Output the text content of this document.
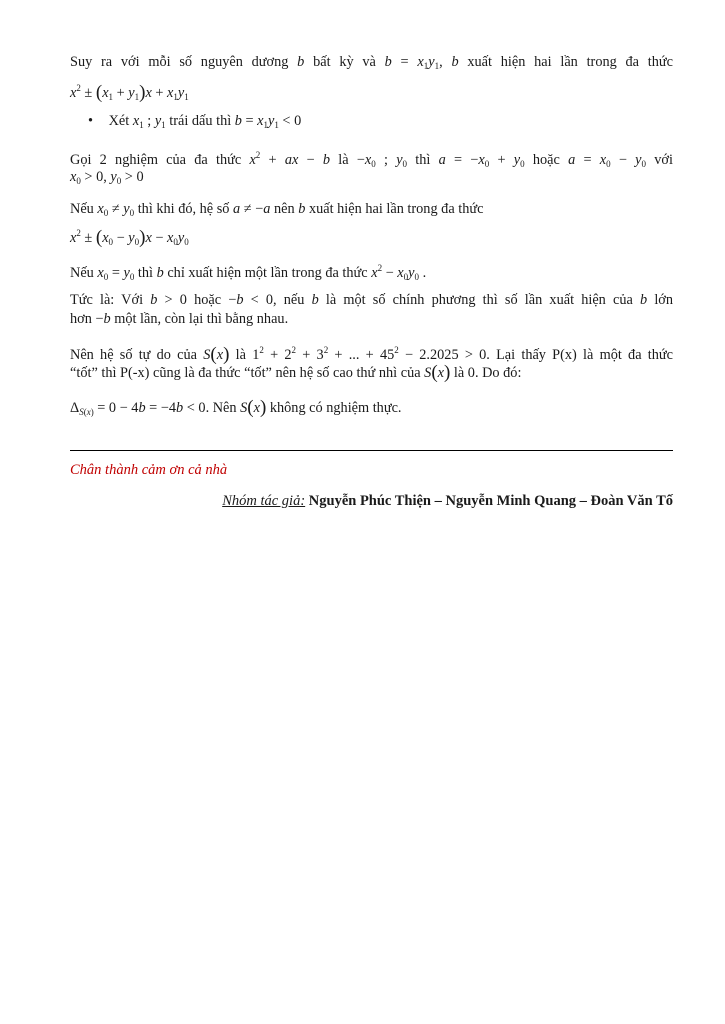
Suy ra với mỗi số nguyên dương b bất kỳ và $b = x_1y_1$, b xuất hiện hai lần trong đa thức
$x^2 \pm (x_1 + y_1)x + x_1y_1$
• Xét $x_1$ ; $y_1$ trái dấu thì $b = x_1y_1 < 0$
Gọi 2 nghiệm của đa thức $x^2$ + ax − b là $-x_0$ ; $y_0$ thì $a = -x_0 + y_0$ hoặc $a = x_0 - y_0$ với
$x_0 > 0$, $y_0 > 0$
Nếu $x_0 \ne y_0$ thì khi đó, hệ số a ≠ −a nên b xuất hiện hai lần trong đa thức
$x^2 \pm (x_0 - y_0)x - x_0y_0$
Nếu $x_0 = y_0$ thì b chỉ xuất hiện một lần trong đa thức $x^2 - x_0y_0$ .
Tức là: Với b > 0 hoặc −b < 0, nếu b là một số chính phương thì số lần xuất hiện của b lớn
hơn −b một lần, còn lại thì bằng nhau.
Nên hệ số tự do của S(x) là $1^2 + 2^2 + 3^2$ + ... + $45^2 - 2.2025 > 0$. Lại thấy P(x) là một đa thức
“tốt” thì P(-x) cũng là đa thức “tốt” nên hệ số cao thứ nhì của S(x) là 0. Do đó:
$\Delta_{S(x)} = 0 - 4b = -4b < 0$. Nên S(x) không có nghiệm thực.
Chân thành cảm ơn cả nhà
Nhóm tác giả: Nguyễn Phúc Thiện – Nguyễn Minh Quang – Đoàn Văn Tố
